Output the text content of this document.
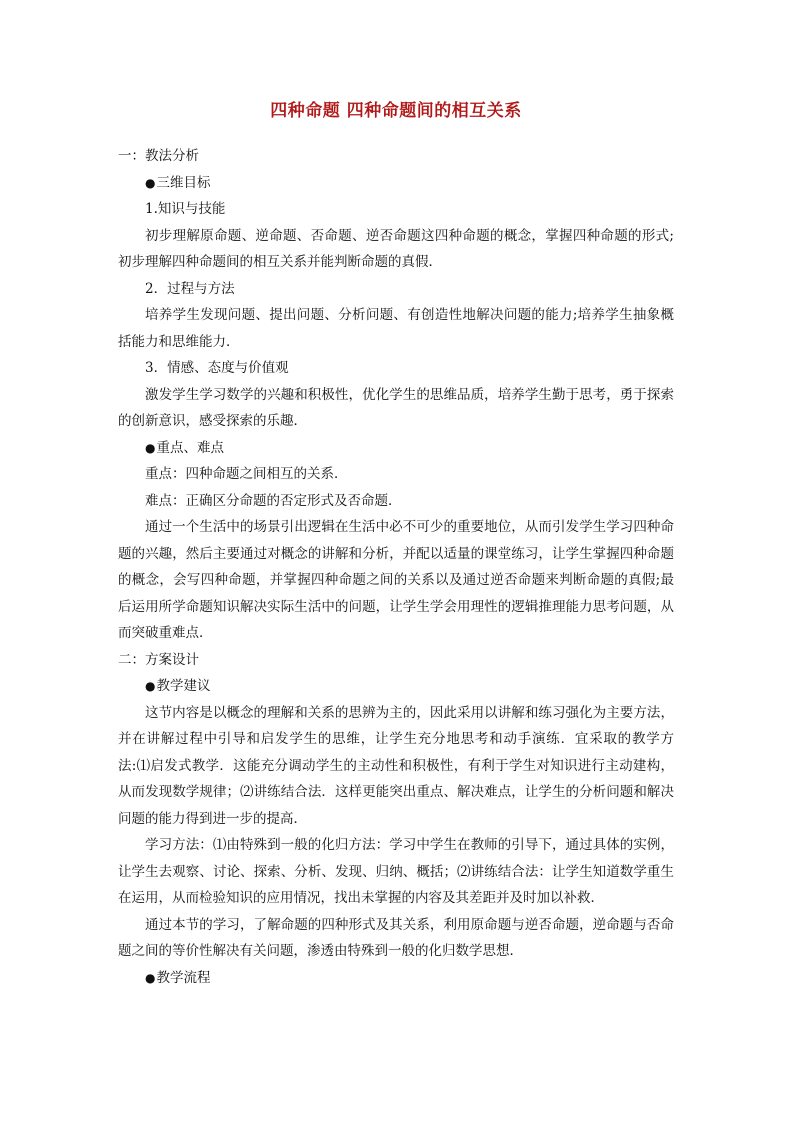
四种命题 四种命题间的相互关系

一：教法分析

● 三维目标

1.知识与技能

初步理解原命题、逆命题、否命题、逆否命题这四种命题的概念，掌握四种命题的形式;初步理解四种命题间的相互关系并能判断命题的真假．

2．过程与方法

培养学生发现问题、提出问题、分析问题、有创造性地解决问题的能力;培养学生抽象概括能力和思维能力．

3．情感、态度与价值观

激发学生学习数学的兴趣和积极性，优化学生的思维品质，培养学生勤于思考，勇于探索的创新意识，感受探索的乐趣．

● 重点、难点

重点：四种命题之间相互的关系．

难点：正确区分命题的否定形式及否命题．

通过一个生活中的场景引出逻辑在生活中必不可少的重要地位，从而引发学生学习四种命题的兴趣，然后主要通过对概念的讲解和分析，并配以适量的课堂练习，让学生掌握四种命题的概念，会写四种命题，并掌握四种命题之间的关系以及通过逆否命题来判断命题的真假;最后运用所学命题知识解决实际生活中的问题，让学生学会用理性的逻辑推理能力思考问题，从而突破重难点．

二：方案设计

● 教学建议

这节内容是以概念的理解和关系的思辨为主的，因此采用以讲解和练习强化为主要方法，并在讲解过程中引导和启发学生的思维，让学生充分地思考和动手演练．宜采取的教学方法:⑴启发式教学．这能充分调动学生的主动性和积极性，有利于学生对知识进行主动建构，从而发现数学规律；⑵讲练结合法．这样更能突出重点、解决难点，让学生的分析问题和解决问题的能力得到进一步的提高．

学习方法：⑴由特殊到一般的化归方法：学习中学生在教师的引导下，通过具体的实例，让学生去观察、讨论、探索、分析、发现、归纳、概括；⑵讲练结合法：让学生知道数学重生在运用，从而检验知识的应用情况，找出未掌握的内容及其差距并及时加以补救．

通过本节的学习，了解命题的四种形式及其关系，利用原命题与逆否命题，逆命题与否命题之间的等价性解决有关问题，渗透由特殊到一般的化归数学思想．

● 教学流程
